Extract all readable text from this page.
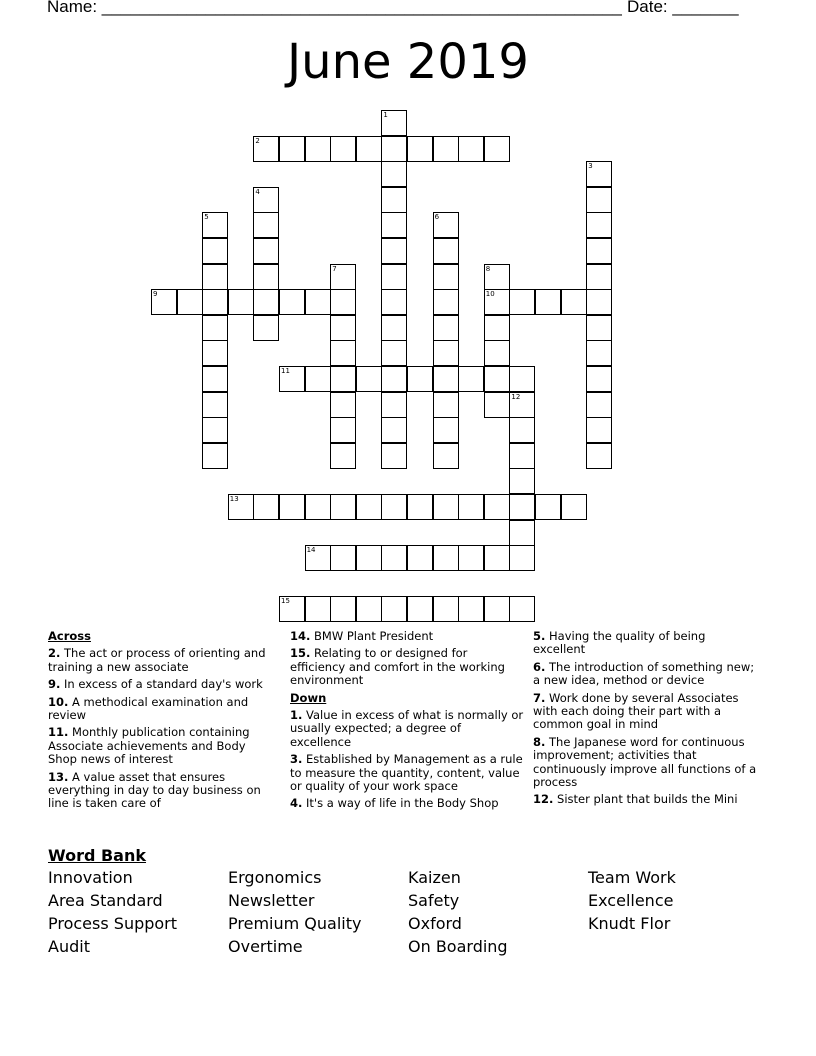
Name: _______________________________________________________ Date: _______
June 2019
1
2
3
4
5	6
7	8
9	10
11
12
13
14
15
Across
2. The act or process of orienting and training a new associate
9. In excess of a standard day's work
10. A methodical examination and review
11. Monthly publication containing Associate achievements and Body Shop news of interest
13. A value asset that ensures everything in day to day business on line is taken care of
14. BMW Plant President
15. Relating to or designed for efficiency and comfort in the working environment
Down
1. Value in excess of what is normally or usually expected; a degree of excellence
3. Established by Management as a rule to measure the quantity, content, value or quality of your work space
4. It's a way of life in the Body Shop
5. Having the quality of being excellent
6. The introduction of something new; a new idea, method or device
7. Work done by several Associates with each doing their part with a common goal in mind
8. The Japanese word for continuous improvement; activities that continuously improve all functions of a process
12. Sister plant that builds the Mini
Word Bank
Innovation	Ergonomics	Kaizen	Team Work
Area Standard	Newsletter	Safety	Excellence
Process Support	Premium Quality	Oxford	Knudt Flor
Audit	Overtime	On Boarding
